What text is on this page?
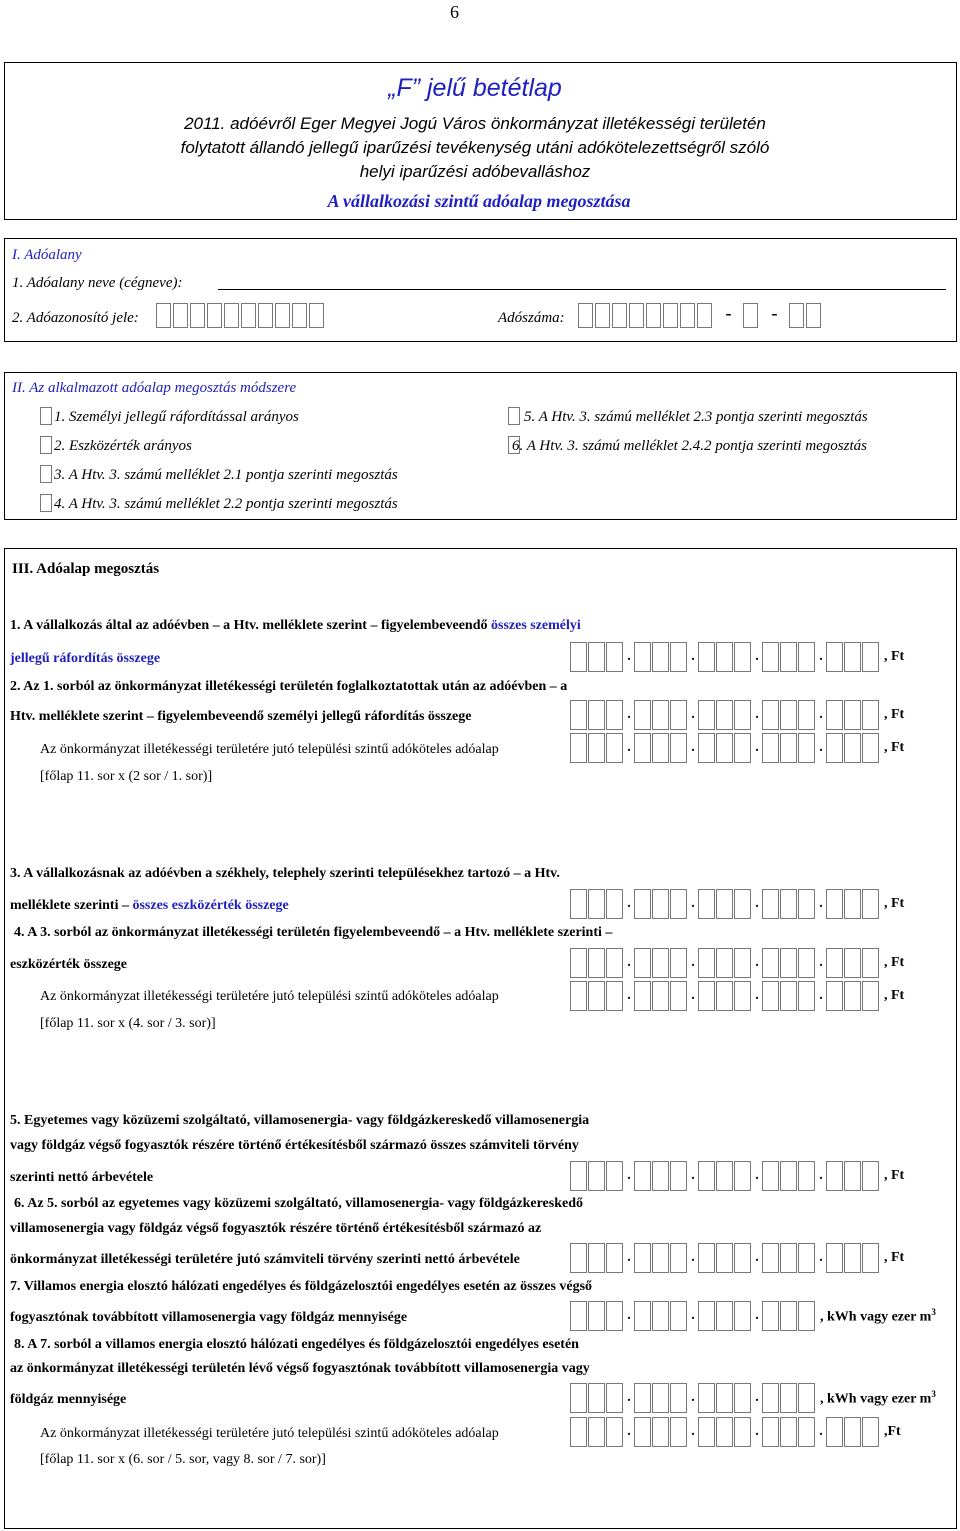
6
„F” jelű betétlap
2011. adóévről Eger Megyei Jogú Város önkormányzat illetékességi területén
folytatott állandó jellegű iparűzési tevékenység utáni adókötelezettségről szóló
helyi iparűzési adóbevalláshoz
A vállalkozási szintű adóalap megosztása
I. Adóalany
1. Adóalany neve (cégneve):
2. Adóazonosító jele:	Adószáma:	- -
II. Az alkalmazott adóalap megosztás módszere
1. Személyi jellegű ráfordítással arányos
2. Eszközérték arányos
3. A Htv. 3. számú melléklet 2.1 pontja szerinti megosztás
4. A Htv. 3. számú melléklet 2.2 pontja szerinti megosztás
5. A Htv. 3. számú melléklet 2.3 pontja szerinti megosztás
6. A Htv. 3. számú melléklet 2.4.2 pontja szerinti megosztás
III. Adóalap megosztás
1. A vállalkozás által az adóévben – a Htv. melléklete szerint – figyelembeveendő összes személyi
jellegű ráfordítás összege	.	.	.	.	, Ft
2. Az 1. sorból az önkormányzat illetékességi területén foglalkoztatottak után az adóévben – a
Htv. melléklete szerint – figyelembeveendő személyi jellegű ráfordítás összege	.	.	.	.	, Ft
Az önkormányzat illetékességi területére jutó települési szintű adóköteles adóalap	.	.	.	.	, Ft
[főlap 11. sor x (2 sor / 1. sor)]
3. A vállalkozásnak az adóévben a székhely, telephely szerinti településekhez tartozó – a Htv.
melléklete szerinti – összes eszközérték összege	.	.	.	.	, Ft
4. A 3. sorból az önkormányzat illetékességi területén figyelembeveendő – a Htv. melléklete szerinti –
eszközérték összege	.	.	.	.	, Ft
Az önkormányzat illetékességi területére jutó települési szintű adóköteles adóalap	.	.	.	.	, Ft
[főlap 11. sor x (4. sor / 3. sor)]
5. Egyetemes vagy közüzemi szolgáltató, villamosenergia- vagy földgázkereskedő villamosenergia
vagy földgáz végső fogyasztók részére történő értékesítésből származó összes számviteli törvény
szerinti nettó árbevétele	.	.	.	.	, Ft
6. Az 5. sorból az egyetemes vagy közüzemi szolgáltató, villamosenergia- vagy földgázkereskedő
villamosenergia vagy földgáz végső fogyasztók részére történő értékesítésből származó az
önkormányzat illetékességi területére jutó számviteli törvény szerinti nettó árbevétele	.	.	.	.	, Ft
7. Villamos energia elosztó hálózati engedélyes és földgázelosztói engedélyes esetén az összes végső
fogyasztónak továbbított villamosenergia vagy földgáz mennyisége	.	.	.	, kWh vagy ezer $m^3$
8. A 7. sorból a villamos energia elosztó hálózati engedélyes és földgázelosztói engedélyes esetén
az önkormányzat illetékességi területén lévő végső fogyasztónak továbbított villamosenergia vagy
földgáz mennyisége	.	.	.	, kWh vagy ezer $m^3$
Az önkormányzat illetékességi területére jutó települési szintű adóköteles adóalap	.	.	.	.	,Ft
[főlap 11. sor x (6. sor / 5. sor, vagy 8. sor / 7. sor)]
